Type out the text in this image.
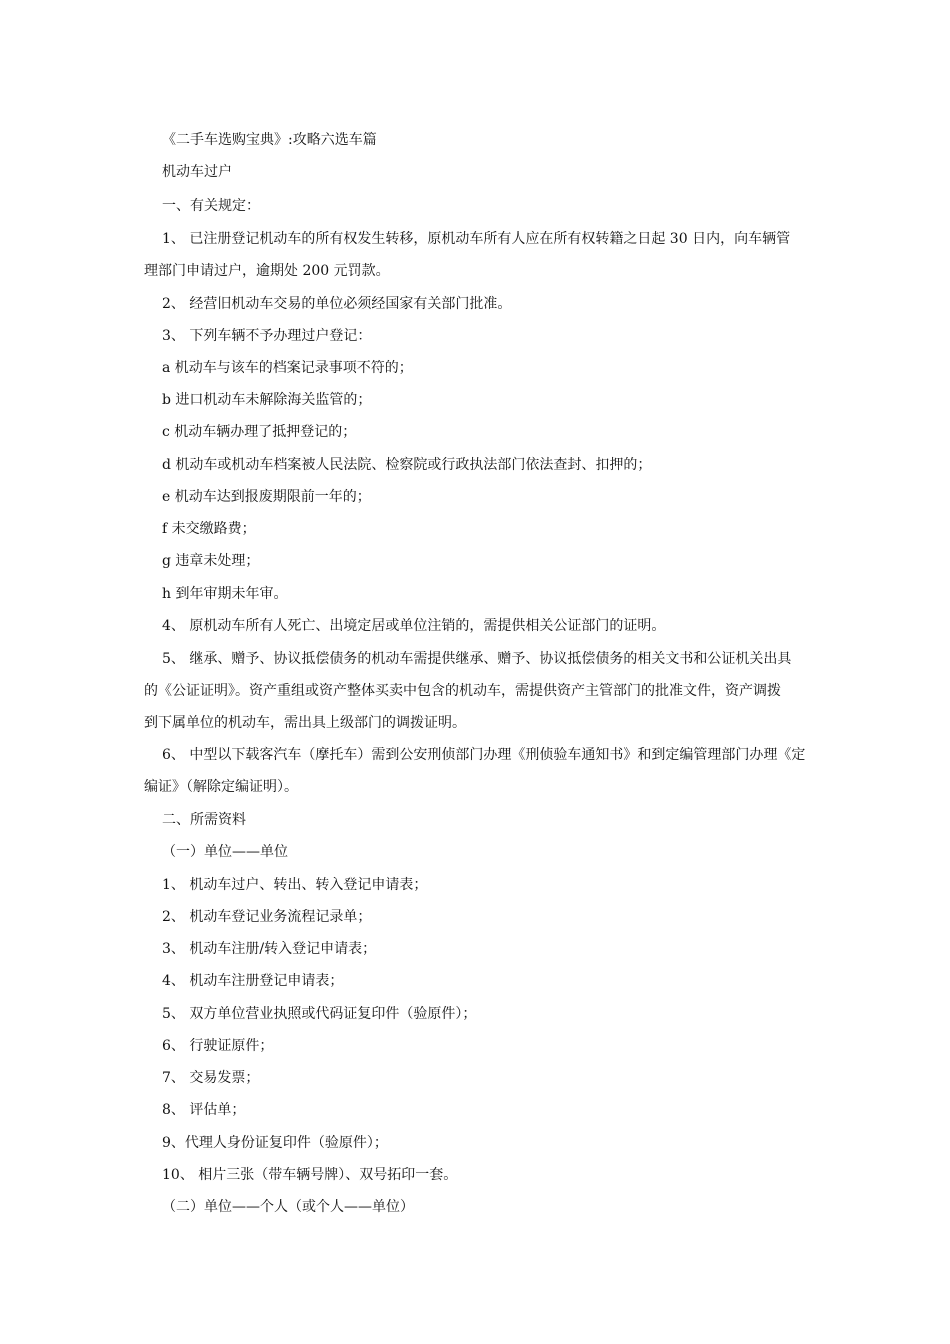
《二手车选购宝典》:攻略六选车篇
机动车过户
一、有关规定：
1、 已注册登记机动车的所有权发生转移，原机动车所有人应在所有权转籍之日起 30 日内，向车辆管
理部门申请过户，逾期处 200 元罚款。
2、 经营旧机动车交易的单位必须经国家有关部门批准。
3、 下列车辆不予办理过户登记：
a 机动车与该车的档案记录事项不符的；
b 进口机动车未解除海关监管的；
c 机动车辆办理了抵押登记的；
d 机动车或机动车档案被人民法院、检察院或行政执法部门依法查封、扣押的；
e 机动车达到报废期限前一年的；
f 未交缴路费；
g 违章未处理；
h 到年审期未年审。
4、 原机动车所有人死亡、出境定居或单位注销的，需提供相关公证部门的证明。
5、 继承、赠予、协议抵偿债务的机动车需提供继承、赠予、协议抵偿债务的相关文书和公证机关出具
的《公证证明》。资产重组或资产整体买卖中包含的机动车，需提供资产主管部门的批准文件，资产调拨
到下属单位的机动车，需出具上级部门的调拨证明。
6、 中型以下载客汽车（摩托车）需到公安刑侦部门办理《刑侦验车通知书》和到定编管理部门办理《定
编证》（解除定编证明）。
二、所需资料
（一）单位——单位
1、 机动车过户、转出、转入登记申请表；
2、 机动车登记业务流程记录单；
3、 机动车注册/转入登记申请表；
4、 机动车注册登记申请表；
5、 双方单位营业执照或代码证复印件（验原件）；
6、 行驶证原件；
7、 交易发票；
8、 评估单；
9、代理人身份证复印件（验原件）；
10、 相片三张（带车辆号牌）、双号拓印一套。
（二）单位——个人（或个人——单位）
